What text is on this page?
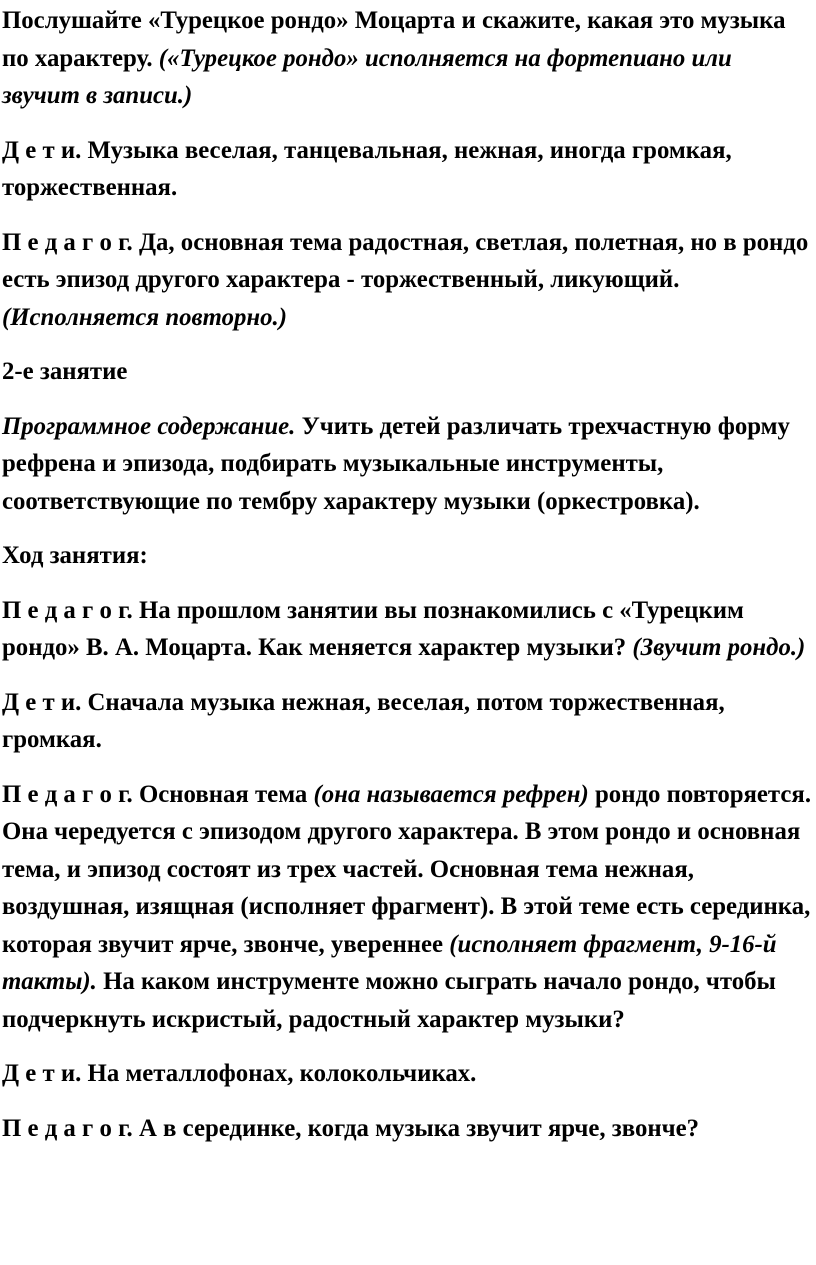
Послушайте «Турецкое рондо» Моцарта и скажите, какая это музыка по характеру. («Турецкое рондо» исполняется на фортепиано или звучит в записи.)

Д е т и. Музыка веселая, танцевальная, нежная, иногда громкая, торжественная.

П е д а г о г. Да, основная тема радостная, светлая, полетная, но в рондо есть эпизод другого характера - торжественный, ликующий. (Исполняется повторно.)

2-е занятие

Программное содержание. Учить детей различать трехчастную форму рефрена и эпизода, подбирать музыкальные инструменты, соответствующие по тембру характеру музыки (оркестровка).

Ход занятия:

П е д а г о г. На прошлом занятии вы познакомились с «Турецким рондо» В. А. Моцарта. Как меняется характер музыки? (Звучит рондо.)

Д е т и. Сначала музыка нежная, веселая, потом торжественная, громкая.

П е д а г о г. Основная тема (она называется рефрен) рондо повторяется. Она чередуется с эпизодом другого характера. В этом рондо и основная тема, и эпизод состоят из трех частей. Основная тема нежная, воздушная, изящная (исполняет фрагмент). В этой теме есть серединка, которая звучит ярче, звонче, увереннее (исполняет фрагмент, 9-16-й такты). На каком инструменте можно сыграть начало рондо, чтобы подчеркнуть искристый, радостный характер музыки?

Д е т и. На металлофонах, колокольчиках.

П е д а г о г. А в серединке, когда музыка звучит ярче, звонче?
